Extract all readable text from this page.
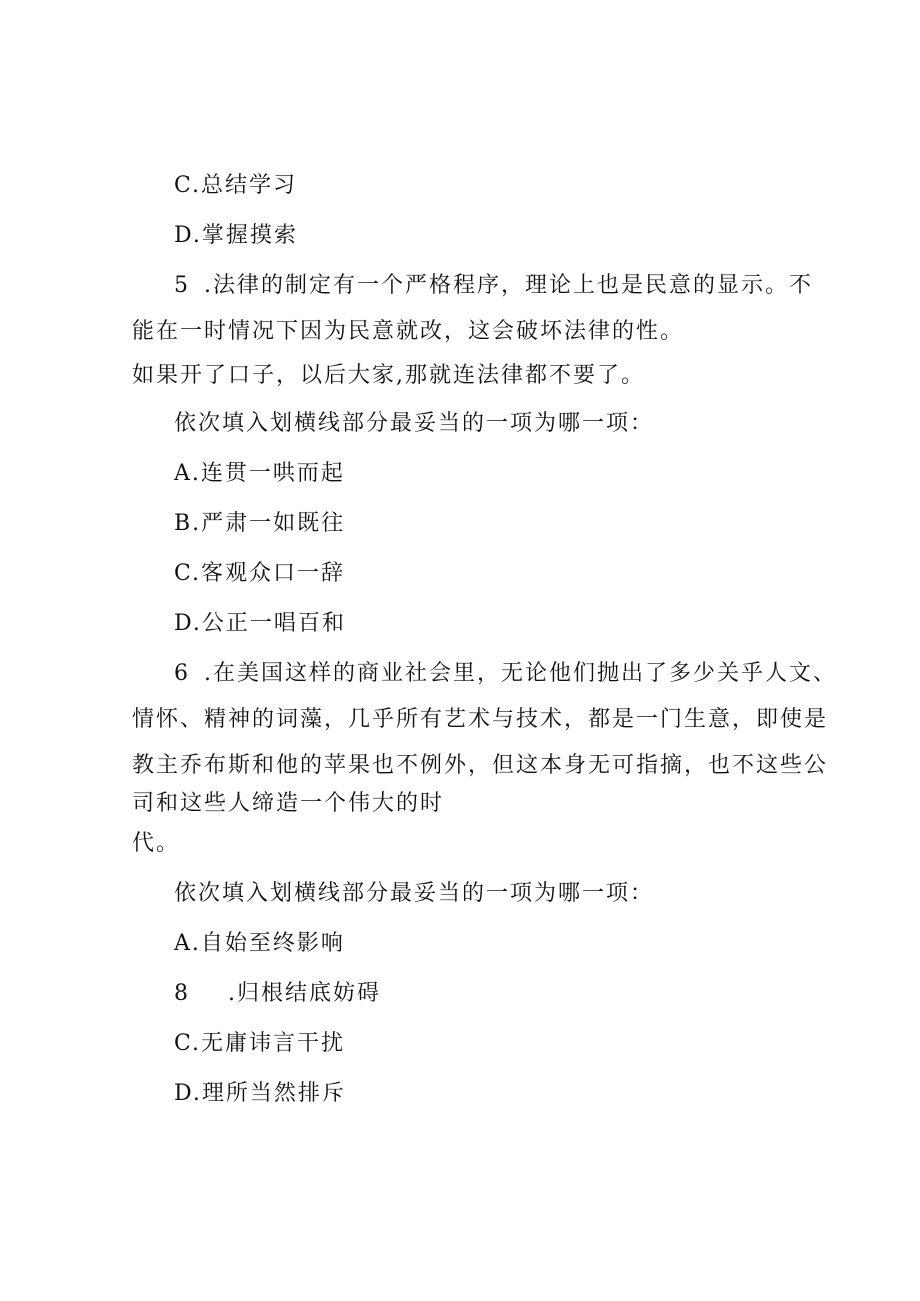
C.总结学习
D.掌握摸索
5 .法律的制定有一个严格程序，理论上也是民意的显示。不
能在一时情况下因为民意就改，这会破坏法律的性。
如果开了口子，以后大家,那就连法律都不要了。
依次填入划横线部分最妥当的一项为哪一项：
A.连贯一哄而起
B.严肃一如既往
C.客观众口一辞
D.公正一唱百和
6 .在美国这样的商业社会里，无论他们抛出了多少关乎人文、
情怀、精神的词藻，几乎所有艺术与技术，都是一门生意，即使是
教主乔布斯和他的苹果也不例外，但这本身无可指摘，也不这些公
司和这些人缔造一个伟大的时
代。
依次填入划横线部分最妥当的一项为哪一项：
A.自始至终影响
8 .归根结底妨碍
C.无庸讳言干扰
D.理所当然排斥
